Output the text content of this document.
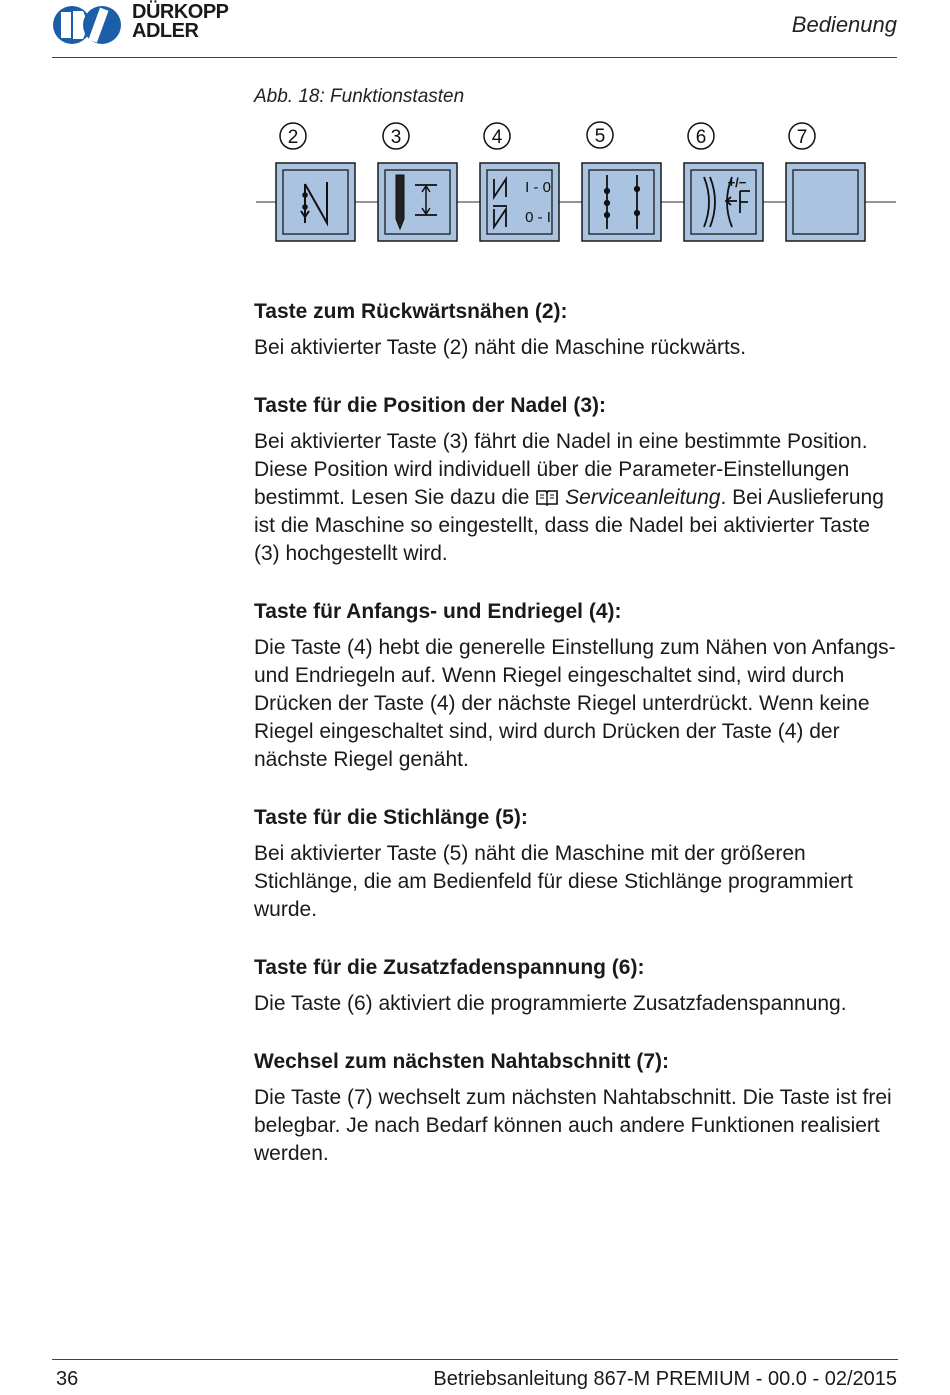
DÜRKOPP
ADLER	Bedienung
Abb. 18: Funktionstasten
2	3	4	5	6	7
I - 0
0 - I
+/−
Taste zum Rückwärtsnähen (2):

Bei aktivierter Taste (2) näht die Maschine rückwärts.

Taste für die Position der Nadel (3):

Bei aktivierter Taste (3) fährt die Nadel in eine bestimmte Position. Diese Position wird individuell über die Parameter-Einstellungen bestimmt. Lesen Sie dazu die  Serviceanleitung. Bei Auslieferung ist die Maschine so eingestellt, dass die Nadel bei aktivierter Taste (3) hochgestellt wird.

Taste für Anfangs- und Endriegel (4):

Die Taste (4) hebt die generelle Einstellung zum Nähen von Anfangs- und Endriegeln auf. Wenn Riegel eingeschaltet sind, wird durch Drücken der Taste (4) der nächste Riegel unterdrückt. Wenn keine Riegel eingeschaltet sind, wird durch Drücken der Taste (4) der nächste Riegel genäht.

Taste für die Stichlänge (5):

Bei aktivierter Taste (5) näht die Maschine mit der größeren Stichlänge, die am Bedienfeld für diese Stichlänge programmiert wurde.

Taste für die Zusatzfadenspannung (6):

Die Taste (6) aktiviert die programmierte Zusatzfadenspannung.

Wechsel zum nächsten Nahtabschnitt (7):

Die Taste (7) wechselt zum nächsten Nahtabschnitt. Die Taste ist frei belegbar. Je nach Bedarf können auch andere Funktionen realisiert werden.

36	Betriebsanleitung 867-M PREMIUM - 00.0 - 02/2015
